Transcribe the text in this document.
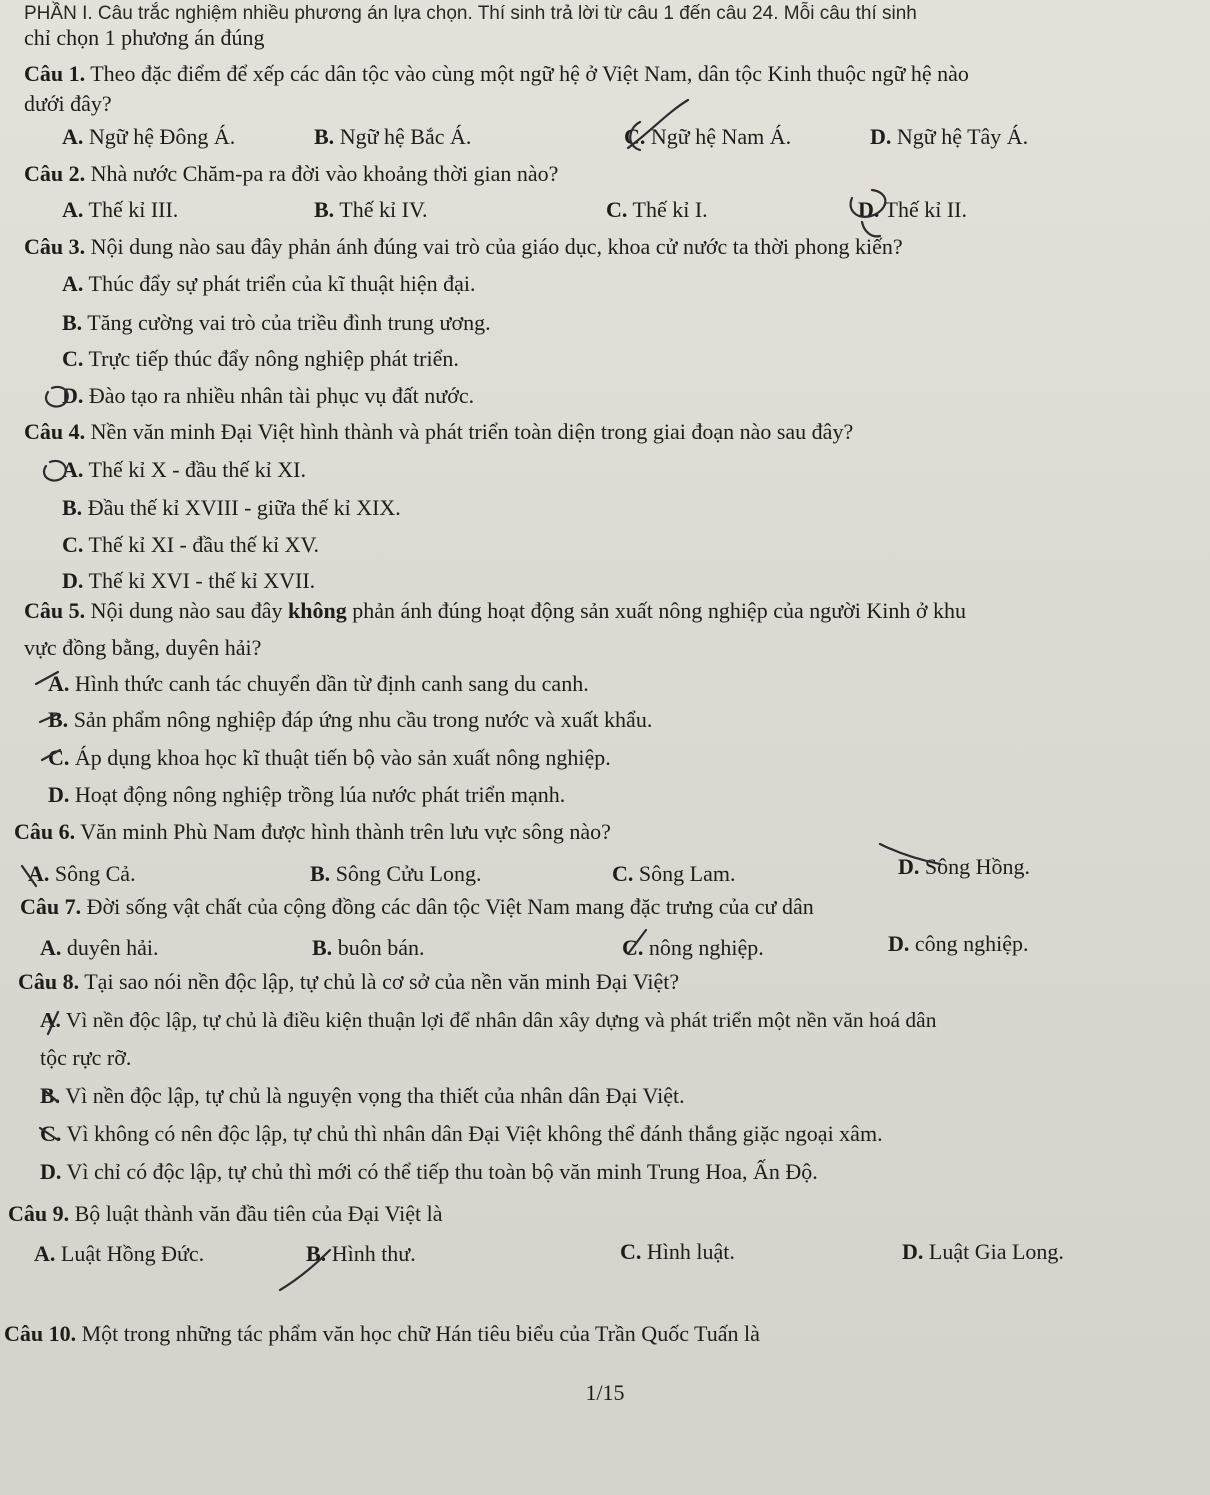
PHẦN I. Câu trắc nghiệm nhiều phương án lựa chọn. Thí sinh trả lời từ câu 1 đến câu 24. Mỗi câu thí sinh
chỉ chọn 1 phương án đúng
Câu 1. Theo đặc điểm để xếp các dân tộc vào cùng một ngữ hệ ở Việt Nam, dân tộc Kinh thuộc ngữ hệ nào
dưới đây?
A. Ngữ hệ Đông Á.	B. Ngữ hệ Bắc Á.	C. Ngữ hệ Nam Á.	D. Ngữ hệ Tây Á.
Câu 2. Nhà nước Chăm-pa ra đời vào khoảng thời gian nào?
A. Thế kỉ III.	B. Thế kỉ IV.	C. Thế kỉ I.	D. Thế kỉ II.
Câu 3. Nội dung nào sau đây phản ánh đúng vai trò của giáo dục, khoa cử nước ta thời phong kiến?
A. Thúc đẩy sự phát triển của kĩ thuật hiện đại.
B. Tăng cường vai trò của triều đình trung ương.
C. Trực tiếp thúc đẩy nông nghiệp phát triển.
D. Đào tạo ra nhiều nhân tài phục vụ đất nước.
Câu 4. Nền văn minh Đại Việt hình thành và phát triển toàn diện trong giai đoạn nào sau đây?
A. Thế kỉ X - đầu thế kỉ XI.
B. Đầu thế kỉ XVIII - giữa thế kỉ XIX.
C. Thế kỉ XI - đầu thế kỉ XV.
D. Thế kỉ XVI - thế kỉ XVII.
Câu 5. Nội dung nào sau đây không phản ánh đúng hoạt động sản xuất nông nghiệp của người Kinh ở khu
vực đồng bằng, duyên hải?
A. Hình thức canh tác chuyển dần từ định canh sang du canh.
B. Sản phẩm nông nghiệp đáp ứng nhu cầu trong nước và xuất khẩu.
C. Áp dụng khoa học kĩ thuật tiến bộ vào sản xuất nông nghiệp.
D. Hoạt động nông nghiệp trồng lúa nước phát triển mạnh.
Câu 6. Văn minh Phù Nam được hình thành trên lưu vực sông nào?
A. Sông Cả.	B. Sông Cửu Long.	C. Sông Lam.	D. Sông Hồng.
Câu 7. Đời sống vật chất của cộng đồng các dân tộc Việt Nam mang đặc trưng của cư dân
A. duyên hải.	B. buôn bán.	C. nông nghiệp.	D. công nghiệp.
Câu 8. Tại sao nói nền độc lập, tự chủ là cơ sở của nền văn minh Đại Việt?
A. Vì nền độc lập, tự chủ là điều kiện thuận lợi để nhân dân xây dựng và phát triển một nền văn hoá dân
tộc rực rỡ.
B. Vì nền độc lập, tự chủ là nguyện vọng tha thiết của nhân dân Đại Việt.
C. Vì không có nên độc lập, tự chủ thì nhân dân Đại Việt không thể đánh thắng giặc ngoại xâm.
D. Vì chỉ có độc lập, tự chủ thì mới có thể tiếp thu toàn bộ văn minh Trung Hoa, Ấn Độ.
Câu 9. Bộ luật thành văn đầu tiên của Đại Việt là
A. Luật Hồng Đức.	B. Hình thư.	C. Hình luật.	D. Luật Gia Long.
Câu 10. Một trong những tác phẩm văn học chữ Hán tiêu biểu của Trần Quốc Tuấn là
1/15
